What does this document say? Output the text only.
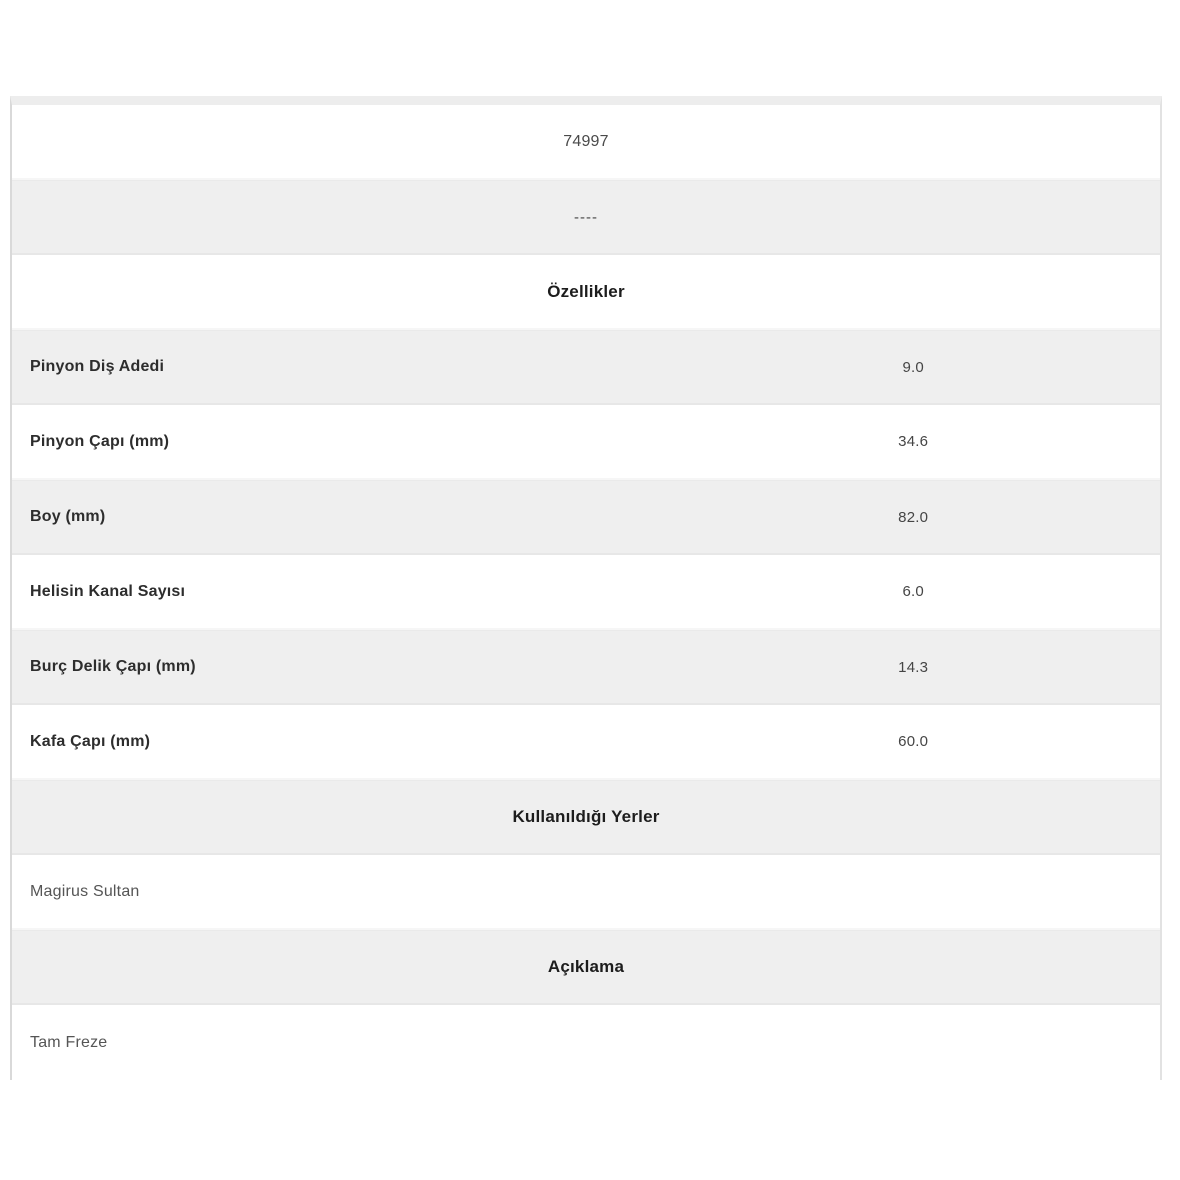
74997
----
Özellikler
Pinyon Diş Adedi	9.0
Pinyon Çapı (mm)	34.6
Boy (mm)	82.0
Helisin Kanal Sayısı	6.0
Burç Delik Çapı (mm)	14.3
Kafa Çapı (mm)	60.0
Kullanıldığı Yerler
Magirus Sultan
Açıklama
Tam Freze
